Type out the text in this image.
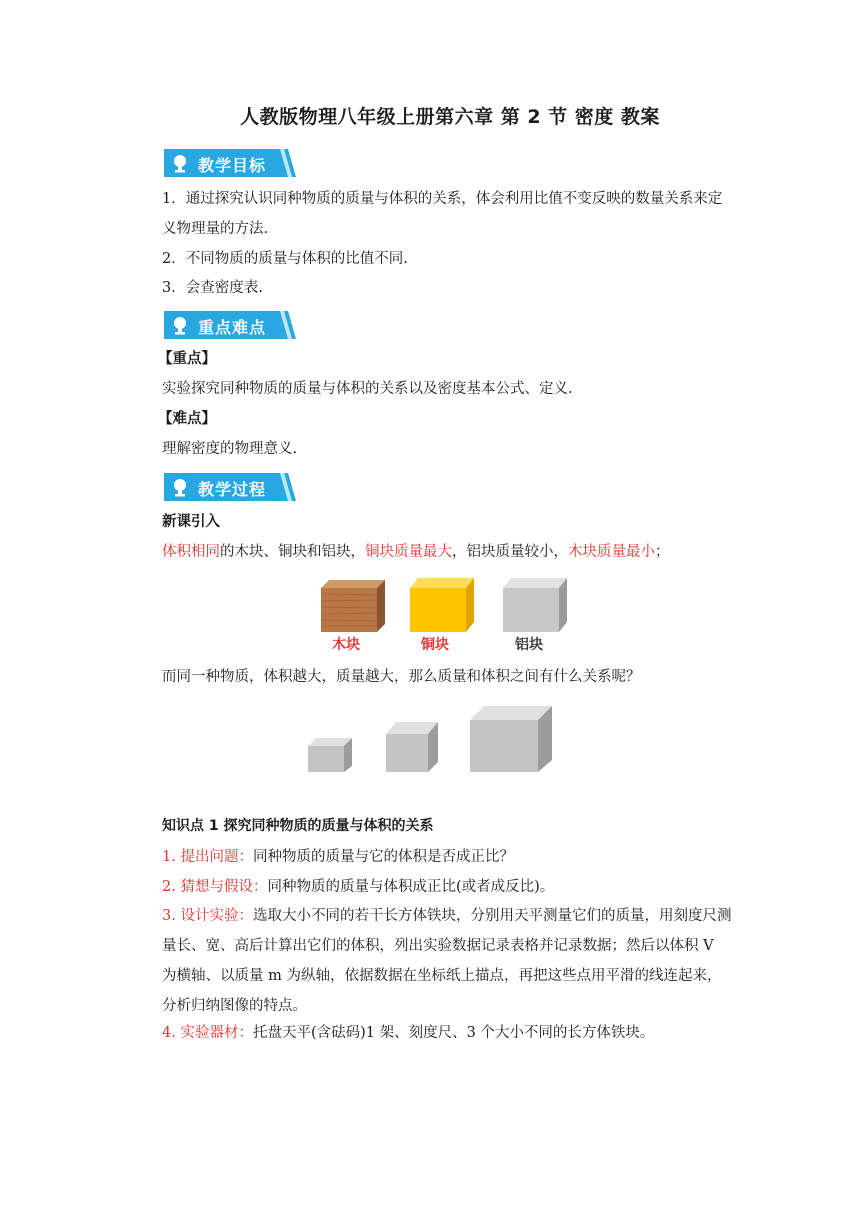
人教版物理八年级上册第六章 第 2 节 密度 教案
教学目标
1．通过探究认识同种物质的质量与体积的关系，体会利用比值不变反映的数量关系来定义物理量的方法.
2．不同物质的质量与体积的比值不同.
3．会查密度表.
重点难点
【重点】
实验探究同种物质的质量与体积的关系以及密度基本公式、定义.
【难点】
理解密度的物理意义.
教学过程
新课引入
体积相同的木块、铜块和铝块，铜块质量最大，铝块质量较小，木块质量最小；
木块	铜块	铝块
而同一种物质，体积越大，质量越大，那么质量和体积之间有什么关系呢？
知识点 1 探究同种物质的质量与体积的关系
1. 提出问题：同种物质的质量与它的体积是否成正比？
2. 猜想与假设：同种物质的质量与体积成正比(或者成反比)。
3. 设计实验：选取大小不同的若干长方体铁块，分别用天平测量它们的质量，用刻度尺测量长、宽、高后计算出它们的体积，列出实验数据记录表格并记录数据；然后以体积 V 为横轴、以质量 m 为纵轴，依据数据在坐标纸上描点，再把这些点用平滑的线连起来，分析归纳图像的特点。
4. 实验器材：托盘天平(含砝码)1 架、刻度尺、3 个大小不同的长方体铁块。
